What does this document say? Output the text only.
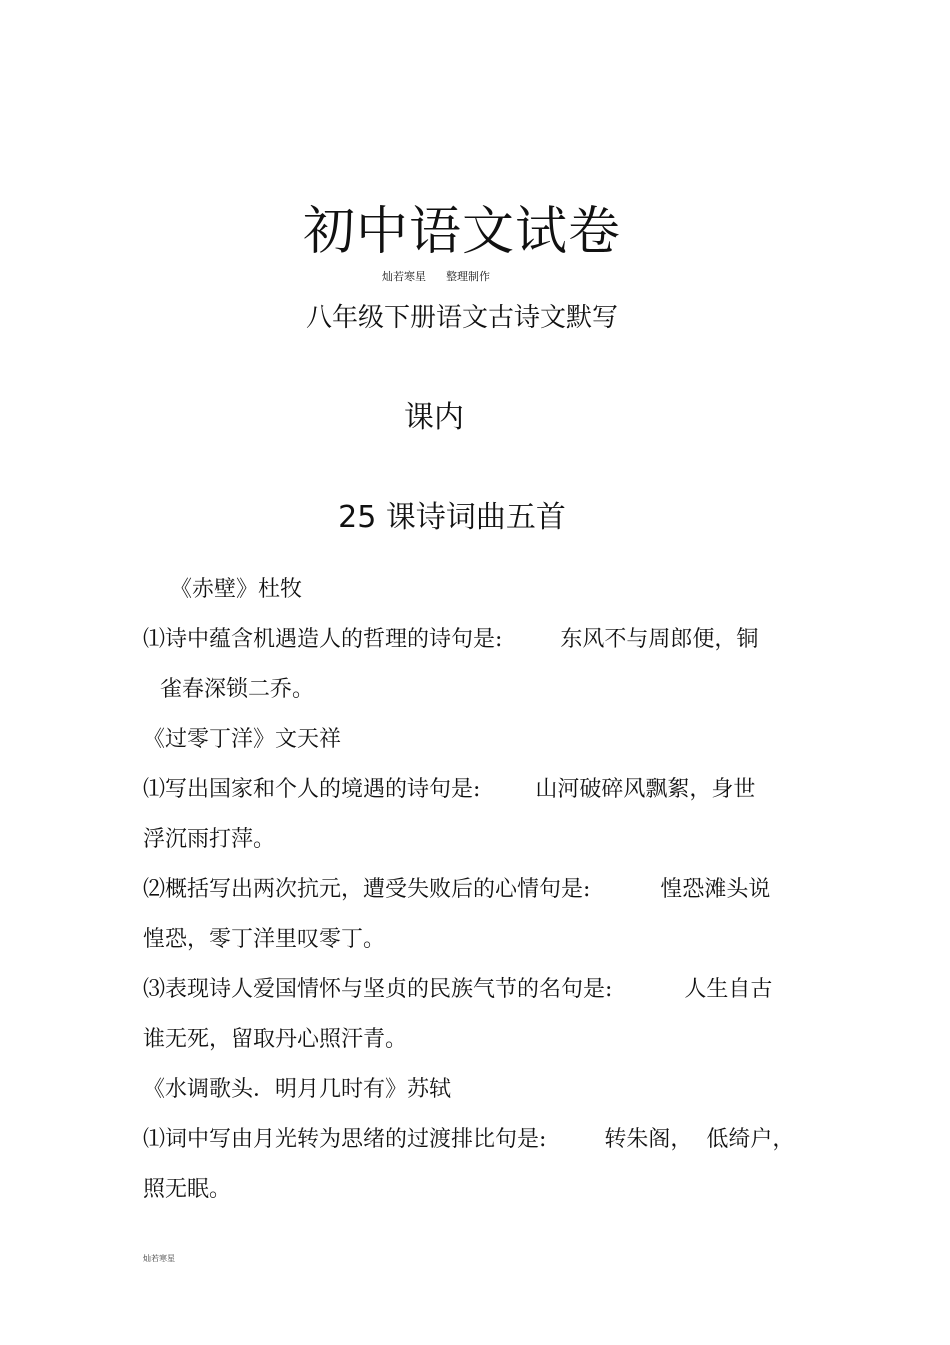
初中语文试卷
灿若寒星 整理制作
八年级下册语文古诗文默写
课内
25 课诗词曲五首
《赤壁》杜牧
⑴诗中蕴含机遇造人的哲理的诗句是:	东风不与周郎便，铜
雀春深锁二乔。
《过零丁洋》文天祥
⑴写出国家和个人的境遇的诗句是:	山河破碎风飘絮，身世
浮沉雨打萍。
⑵概括写出两次抗元，遭受失败后的心情句是:	惶恐滩头说
惶恐，零丁洋里叹零丁。
⑶表现诗人爱国情怀与坚贞的民族气节的名句是:	人生自古
谁无死，留取丹心照汗青。
《水调歌头．明月几时有》苏轼
⑴词中写由月光转为思绪的过渡排比句是:	转朱阁，  低绮户，
照无眠。
灿若寒星
